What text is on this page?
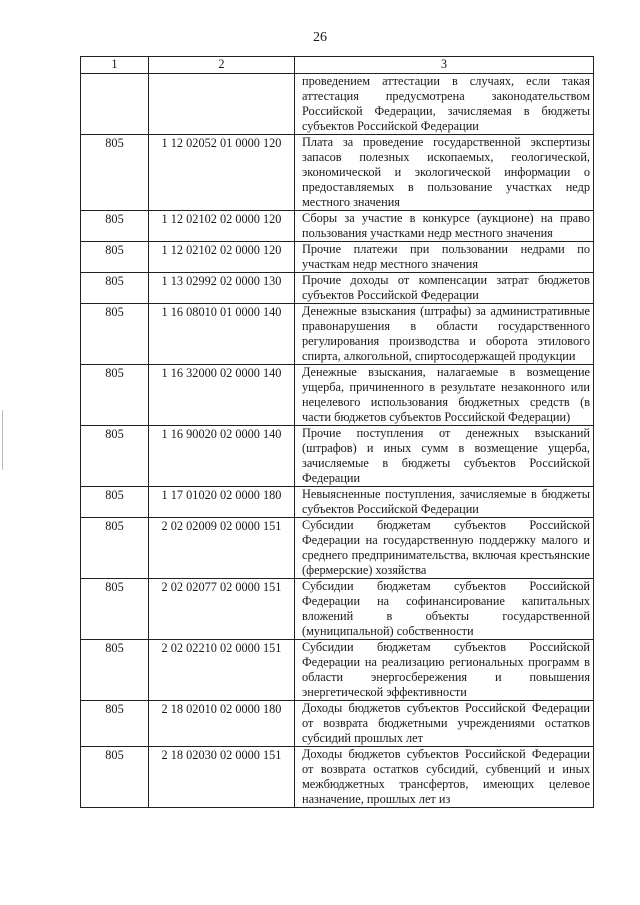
26
1	2	3
		проведением аттестации в случаях, если такая аттестация предусмотрена законодательством Российской Федерации, зачисляемая в бюджеты субъектов Российской Федерации
805	1 12 02052 01 0000 120	Плата за проведение государственной экспертизы запасов полезных ископаемых, геологической, экономической и экологической информации о предоставляемых в пользование участках недр местного значения
805	1 12 02102 02 0000 120	Сборы за участие в конкурсе (аукционе) на право пользования участками недр местного значения
805	1 12 02102 02 0000 120	Прочие платежи при пользовании недрами по участкам недр местного значения
805	1 13 02992 02 0000 130	Прочие доходы от компенсации затрат бюджетов субъектов Российской Федерации
805	1 16 08010 01 0000 140	Денежные взыскания (штрафы) за административные правонарушения в области государственного регулирования производства и оборота этилового спирта, алкогольной, спиртосодержащей продукции
805	1 16 32000 02 0000 140	Денежные взыскания, налагаемые в возмещение ущерба, причиненного в результате незаконного или нецелевого использования бюджетных средств (в части бюджетов субъектов Российской Федерации)
805	1 16 90020 02 0000 140	Прочие поступления от денежных взысканий (штрафов) и иных сумм в возмещение ущерба, зачисляемые в бюджеты субъектов Российской Федерации
805	1 17 01020 02 0000 180	Невыясненные поступления, зачисляемые в бюджеты субъектов Российской Федерации
805	2 02 02009 02 0000 151	Субсидии бюджетам субъектов Российской Федерации на государственную поддержку малого и среднего предпринимательства, включая крестьянские (фермерские) хозяйства
805	2 02 02077 02 0000 151	Субсидии бюджетам субъектов Российской Федерации на софинансирование капитальных вложений в объекты государственной (муниципальной) собственности
805	2 02 02210 02 0000 151	Субсидии бюджетам субъектов Российской Федерации на реализацию региональных программ в области энергосбережения и повышения энергетической эффективности
805	2 18 02010 02 0000 180	Доходы бюджетов субъектов Российской Федерации от возврата бюджетными учреждениями остатков субсидий прошлых лет
805	2 18 02030 02 0000 151	Доходы бюджетов субъектов Российской Федерации от возврата остатков субсидий, субвенций и иных межбюджетных трансфертов, имеющих целевое назначение, прошлых лет из
